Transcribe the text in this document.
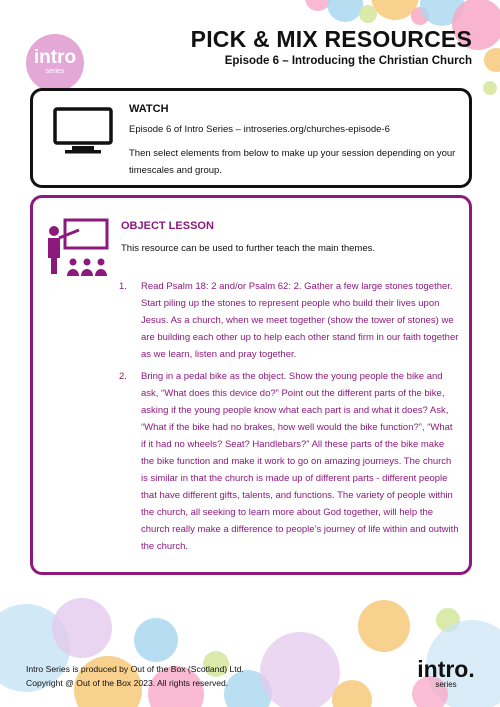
intro
series
PICK & MIX RESOURCES
Episode 6 – Introducing the Christian Church
WATCH
Episode 6 of Intro Series – introseries.org/churches-episode-6
Then select elements from below to make up your session depending on your timescales and group.
OBJECT LESSON
This resource can be used to further teach the main themes.
1. Read Psalm 18: 2 and/or Psalm 62: 2. Gather a few large stones together. Start piling up the stones to represent people who build their lives upon Jesus. As a church, when we meet together (show the tower of stones) we are building each other up to help each other stand firm in our faith together as we learn, listen and pray together.
2. Bring in a pedal bike as the object. Show the young people the bike and ask, “What does this device do?” Point out the different parts of the bike, asking if the young people know what each part is and what it does? Ask, “What if the bike had no brakes, how well would the bike function?”, “What if it had no wheels? Seat? Handlebars?” All these parts of the bike make the bike function and make it work to go on amazing journeys. The church is similar in that the church is made up of different parts - different people that have different gifts, talents, and functions. The variety of people within the church, all seeking to learn more about God together, will help the church really make a difference to people’s journey of life within and outwith the church.
Intro Series is produced by Out of the Box (Scotland) Ltd.
Copyright @ Out of the Box 2023. All rights reserved.
intro.
series
